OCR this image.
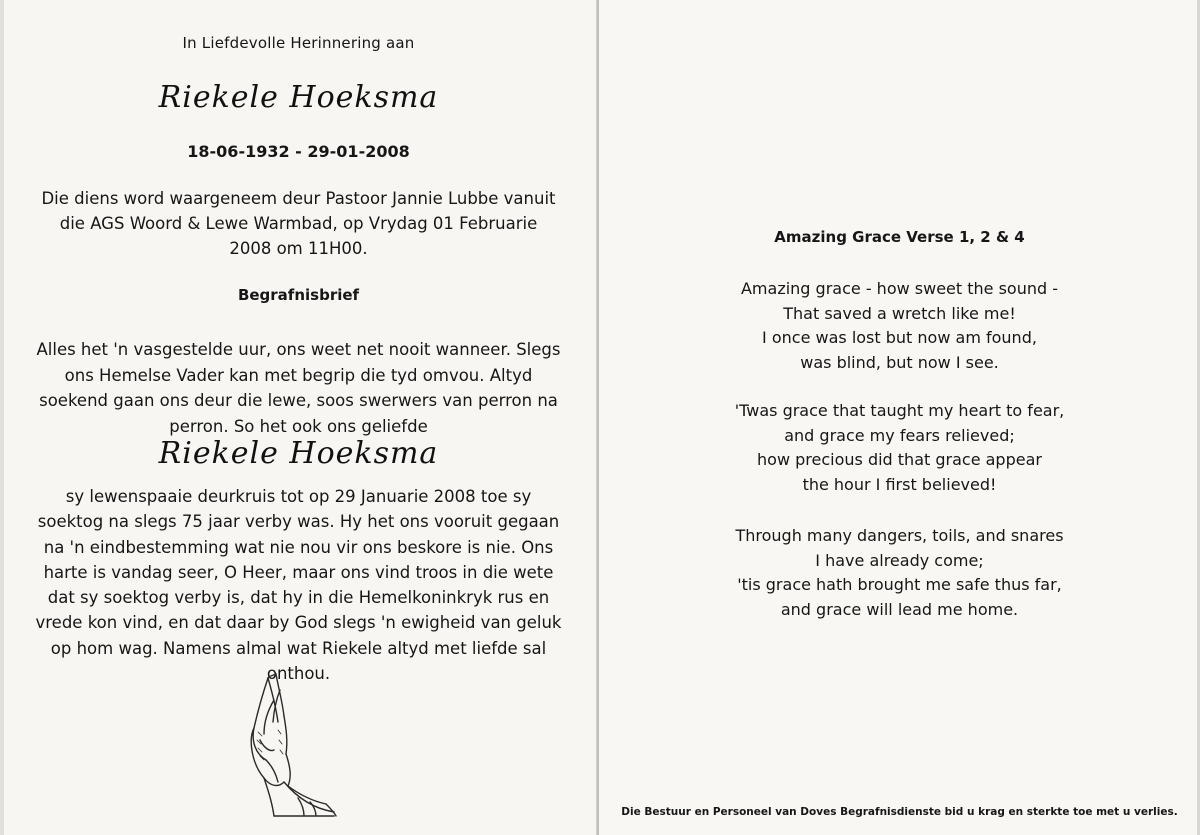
In Liefdevolle Herinnering aan
Riekele Hoeksma
18-06-1932 - 29-01-2008
Die diens word waargeneem deur Pastoor Jannie Lubbe vanuit die AGS Woord & Lewe Warmbad, op Vrydag 01 Februarie 2008 om 11H00.
Begrafnisbrief
Alles het 'n vasgestelde uur, ons weet net nooit wanneer. Slegs ons Hemelse Vader kan met begrip die tyd omvou. Altyd soekend gaan ons deur die lewe, soos swerwers van perron na perron. So het ook ons geliefde
Riekele Hoeksma
sy lewenspaaie deurkruis tot op 29 Januarie 2008 toe sy soektog na slegs 75 jaar verby was. Hy het ons vooruit gegaan na 'n eindbestemming wat nie nou vir ons beskore is nie. Ons harte is vandag seer, O Heer, maar ons vind troos in die wete dat sy soektog verby is, dat hy in die Hemelkoninkryk rus en vrede kon vind, en dat daar by God slegs 'n ewigheid van geluk op hom wag. Namens almal wat Riekele altyd met liefde sal onthou.
Amazing Grace Verse 1, 2 & 4
Amazing grace - how sweet the sound -
That saved a wretch like me!
I once was lost but now am found,
was blind, but now I see.
'Twas grace that taught my heart to fear,
and grace my fears relieved;
how precious did that grace appear
the hour I first believed!
Through many dangers, toils, and snares
I have already come;
'tis grace hath brought me safe thus far,
and grace will lead me home.
Die Bestuur en Personeel van Doves Begrafnisdienste bid u krag en sterkte toe met u verlies.
